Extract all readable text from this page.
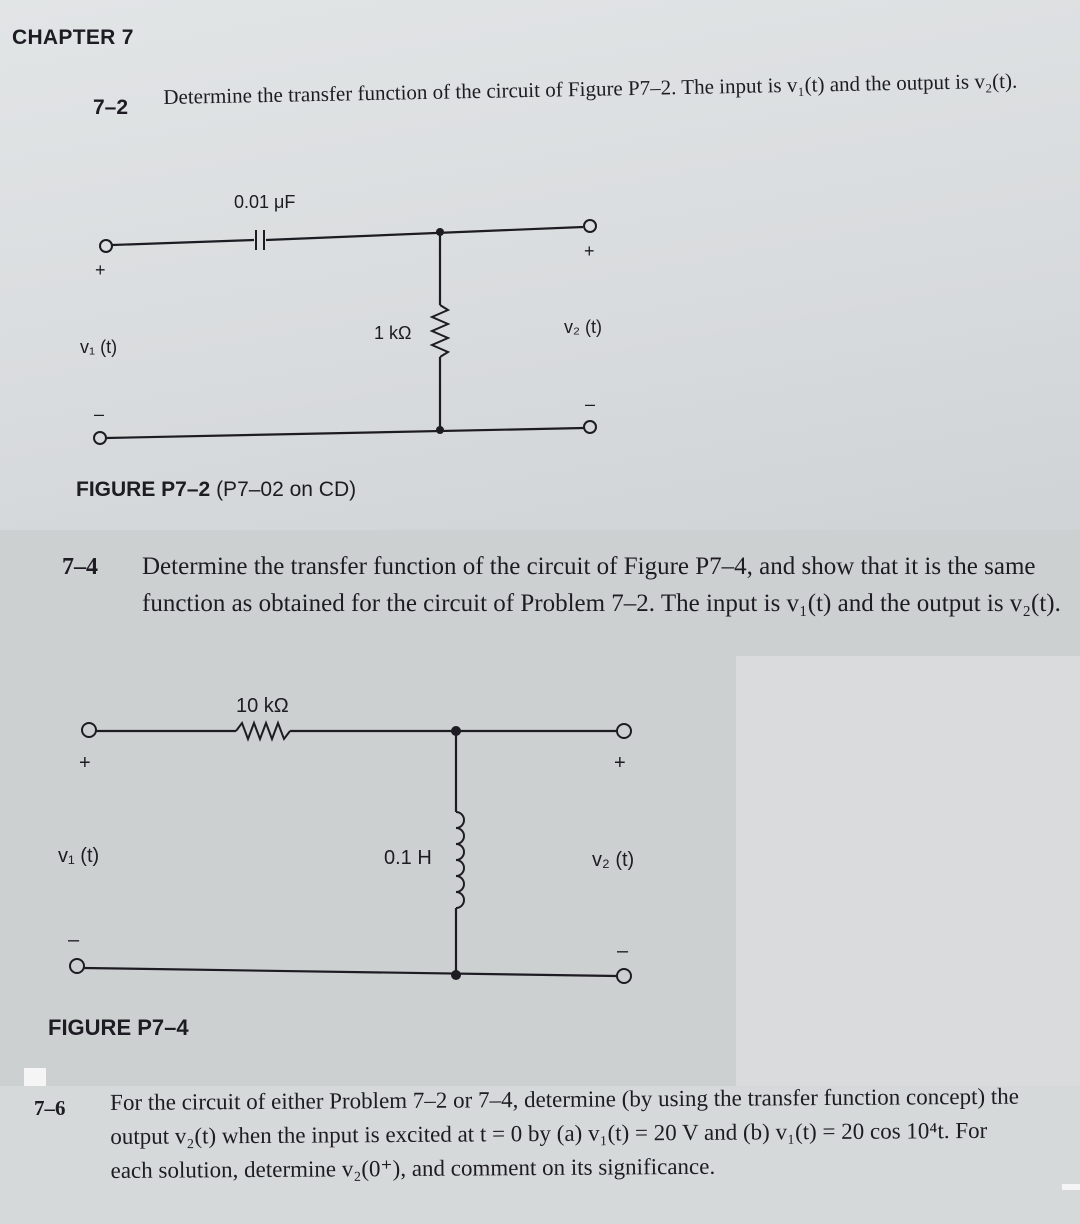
CHAPTER 7
7–2 Determine the transfer function of the circuit of Figure P7–2. The input is v₁(t) and the output is v₂(t).
0.01 μF
1 kΩ
v₁ (t)
v₂ (t)
+
+
–	–
FIGURE P7–2 (P7–02 on CD)
7–4 Determine the transfer function of the circuit of Figure P7–4, and show that it is the same function as obtained for the circuit of Problem 7–2. The input is v₁(t) and the output is v₂(t).
10 kΩ
0.1 H
v₁ (t)	v₂ (t)
+	+
–	–
FIGURE P7–4
7–6 For the circuit of either Problem 7–2 or 7–4, determine (by using the transfer function concept) the output v₂(t) when the input is excited at t = 0 by (a) v₁(t) = 20 V and (b) v₁(t) = 20 cos 10⁴t. For each solution, determine v₂(0⁺), and comment on its significance.
